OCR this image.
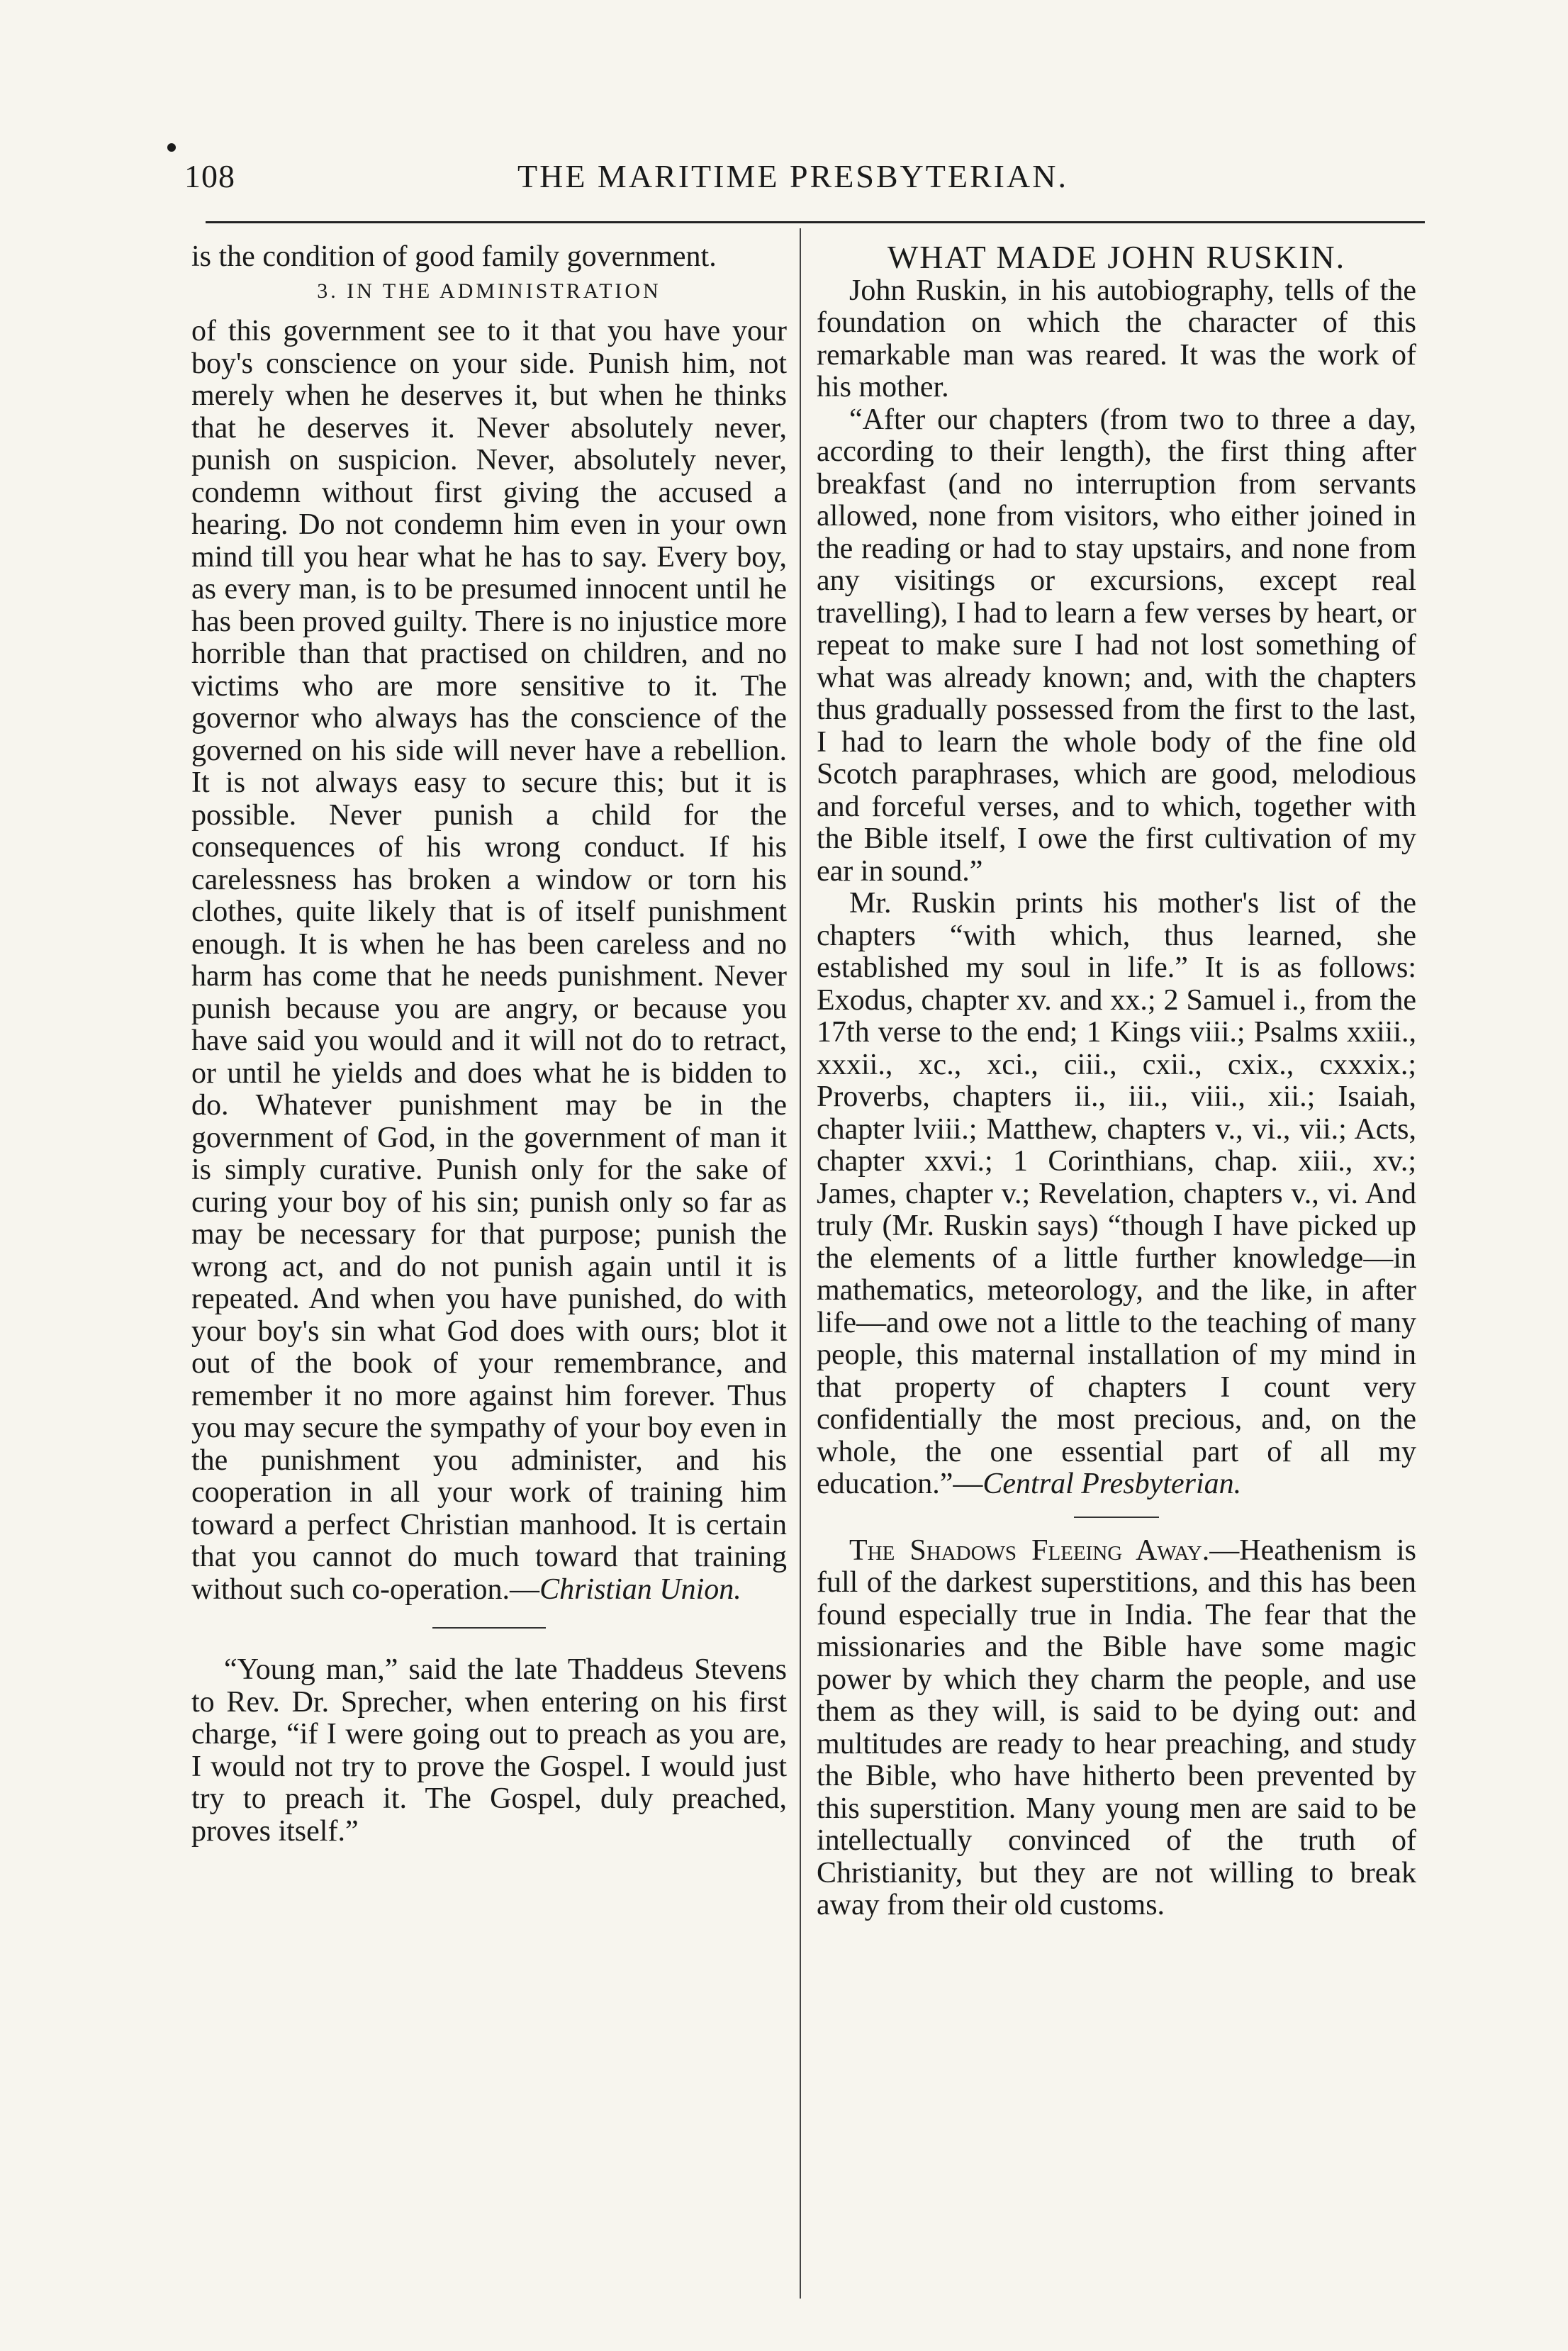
108	THE MARITIME PRESBYTERIAN.

is the condition of good family government.

3. IN THE ADMINISTRATION

of this government see to it that you have your boy's conscience on your side. Punish him, not merely when he deserves it, but when he thinks that he deserves it. Never absolutely never, punish on suspicion. Never, absolutely never, condemn without first giving the accused a hearing. Do not condemn him even in your own mind till you hear what he has to say. Every boy, as every man, is to be presumed innocent until he has been proved guilty. There is no injustice more horrible than that practised on children, and no victims who are more sensitive to it. The governor who always has the conscience of the governed on his side will never have a rebellion. It is not always easy to secure this; but it is possible. Never punish a child for the consequences of his wrong conduct. If his carelessness has broken a window or torn his clothes, quite likely that is of itself punishment enough. It is when he has been careless and no harm has come that he needs punishment. Never punish because you are angry, or because you have said you would and it will not do to retract, or until he yields and does what he is bidden to do. Whatever punishment may be in the government of God, in the government of man it is simply curative. Punish only for the sake of curing your boy of his sin; punish only so far as may be necessary for that purpose; punish the wrong act, and do not punish again until it is repeated. And when you have punished, do with your boy's sin what God does with ours; blot it out of the book of your remembrance, and remember it no more against him forever. Thus you may secure the sympathy of your boy even in the punishment you administer, and his cooperation in all your work of training him toward a perfect Christian manhood. It is certain that you cannot do much toward that training without such co-operation.—Christian Union.

“Young man,” said the late Thaddeus Stevens to Rev. Dr. Sprecher, when entering on his first charge, “if I were going out to preach as you are, I would not try to prove the Gospel. I would just try to preach it. The Gospel, duly preached, proves itself.”

WHAT MADE JOHN RUSKIN.

John Ruskin, in his autobiography, tells of the foundation on which the character of this remarkable man was reared. It was the work of his mother.

“After our chapters (from two to three a day, according to their length), the first thing after breakfast (and no interruption from servants allowed, none from visitors, who either joined in the reading or had to stay upstairs, and none from any visitings or excursions, except real travelling), I had to learn a few verses by heart, or repeat to make sure I had not lost something of what was already known; and, with the chapters thus gradually possessed from the first to the last, I had to learn the whole body of the fine old Scotch paraphrases, which are good, melodious and forceful verses, and to which, together with the Bible itself, I owe the first cultivation of my ear in sound.”

Mr. Ruskin prints his mother's list of the chapters “with which, thus learned, she established my soul in life.” It is as follows: Exodus, chapter xv. and xx.; 2 Samuel i., from the 17th verse to the end; 1 Kings viii.; Psalms xxiii., xxxii., xc., xci., ciii., cxii., cxix., cxxxix.; Proverbs, chapters ii., iii., viii., xii.; Isaiah, chapter lviii.; Matthew, chapters v., vi., vii.; Acts, chapter xxvi.; 1 Corinthians, chap. xiii., xv.; James, chapter v.; Revelation, chapters v., vi. And truly (Mr. Ruskin says) “though I have picked up the elements of a little further knowledge—in mathematics, meteorology, and the like, in after life—and owe not a little to the teaching of many people, this maternal installation of my mind in that property of chapters I count very confidentially the most precious, and, on the whole, the one essential part of all my education.”—Central Presbyterian.

The Shadows Fleeing Away.—Heathenism is full of the darkest superstitions, and this has been found especially true in India. The fear that the missionaries and the Bible have some magic power by which they charm the people, and use them as they will, is said to be dying out: and multitudes are ready to hear preaching, and study the Bible, who have hitherto been prevented by this superstition. Many young men are said to be intellectually convinced of the truth of Christianity, but they are not willing to break away from their old customs.
